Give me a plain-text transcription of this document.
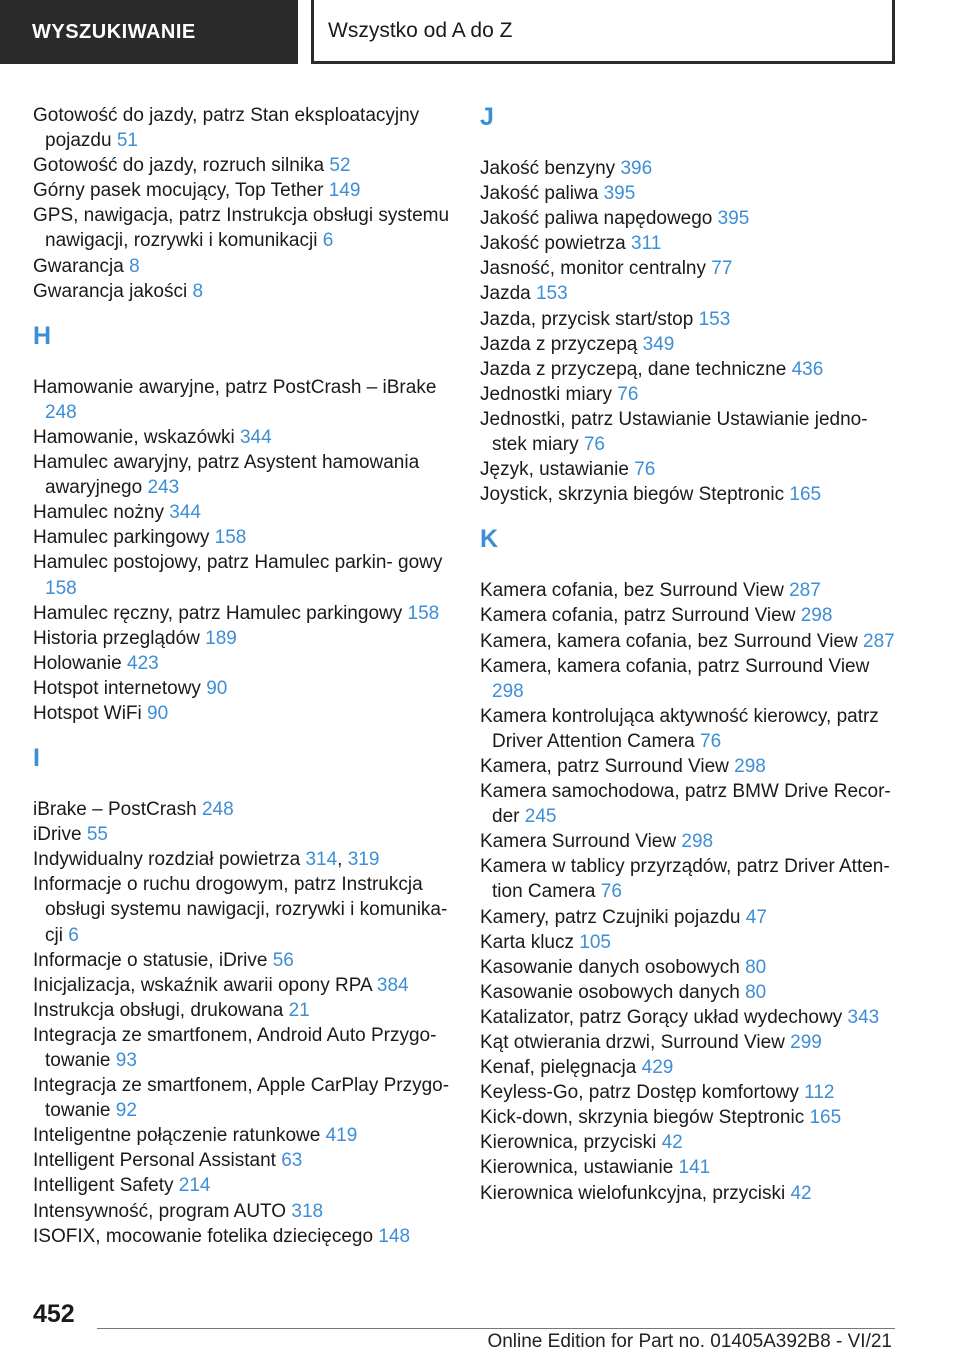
WYSZUKIWANIE	Wszystko od A do Z
Gotowość do jazdy, patrz Stan eksploatacyjny pojazdu 51
Gotowość do jazdy, rozruch silnika 52
Górny pasek mocujący, Top Tether 149
GPS, nawigacja, patrz Instrukcja obsługi systemu nawigacji, rozrywki i komunikacji 6
Gwarancja 8
Gwarancja jakości 8
H
Hamowanie awaryjne, patrz PostCrash – iBrake 248
Hamowanie, wskazówki 344
Hamulec awaryjny, patrz Asystent hamowania awaryjnego 243
Hamulec nożny 344
Hamulec parkingowy 158
Hamulec postojowy, patrz Hamulec parkin‐ gowy 158
Hamulec ręczny, patrz Hamulec parkingowy 158
Historia przeglądów 189
Holowanie 423
Hotspot internetowy 90
Hotspot WiFi 90
I
iBrake – PostCrash 248
iDrive 55
Indywidualny rozdział powietrza 314, 319
Informacje o ruchu drogowym, patrz Instrukcja obsługi systemu nawigacji, rozrywki i komunika‐ cji 6
Informacje o statusie, iDrive 56
Inicjalizacja, wskaźnik awarii opony RPA 384
Instrukcja obsługi, drukowana 21
Integracja ze smartfonem, Android Auto Przygo‐ towanie 93
Integracja ze smartfonem, Apple CarPlay Przygo‐ towanie 92
Inteligentne połączenie ratunkowe 419
Intelligent Personal Assistant 63
Intelligent Safety 214
Intensywność, program AUTO 318
ISOFIX, mocowanie fotelika dziecięcego 148
J
Jakość benzyny 396
Jakość paliwa 395
Jakość paliwa napędowego 395
Jakość powietrza 311
Jasność, monitor centralny 77
Jazda 153
Jazda, przycisk start/stop 153
Jazda z przyczepą 349
Jazda z przyczepą, dane techniczne 436
Jednostki miary 76
Jednostki, patrz Ustawianie Ustawianie jedno‐ stek miary 76
Język, ustawianie 76
Joystick, skrzynia biegów Steptronic 165
K
Kamera cofania, bez Surround View 287
Kamera cofania, patrz Surround View 298
Kamera, kamera cofania, bez Surround View 287
Kamera, kamera cofania, patrz Surround View 298
Kamera kontrolująca aktywność kierowcy, patrz Driver Attention Camera 76
Kamera, patrz Surround View 298
Kamera samochodowa, patrz BMW Drive Recor‐ der 245
Kamera Surround View 298
Kamera w tablicy przyrządów, patrz Driver Atten‐ tion Camera 76
Kamery, patrz Czujniki pojazdu 47
Karta klucz 105
Kasowanie danych osobowych 80
Kasowanie osobowych danych 80
Katalizator, patrz Gorący układ wydechowy 343
Kąt otwierania drzwi, Surround View 299
Kenaf, pielęgnacja 429
Keyless-Go, patrz Dostęp komfortowy 112
Kick-down, skrzynia biegów Steptronic 165
Kierownica, przyciski 42
Kierownica, ustawianie 141
Kierownica wielofunkcyjna, przyciski 42
452
Online Edition for Part no. 01405A392B8 - VI/21
